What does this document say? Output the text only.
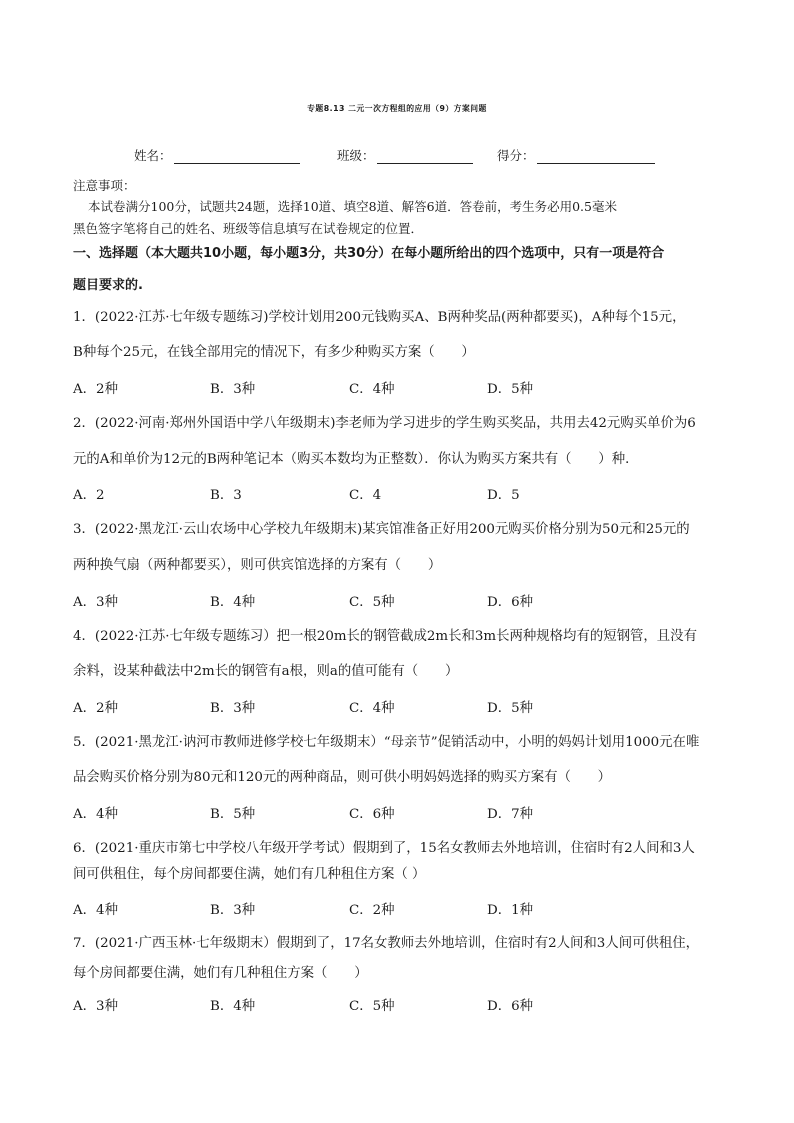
专题8.13 二元一次方程组的应用（9）方案问题
姓名：	班级：	得分：
注意事项：
本试卷满分100分，试题共24题，选择10道、填空8道、解答6道．答卷前，考生务必用0.5毫米
黑色签字笔将自己的姓名、班级等信息填写在试卷规定的位置．
一、选择题（本大题共10小题，每小题3分，共30分）在每小题所给出的四个选项中，只有一项是符合
题目要求的.
1．(2022·江苏·七年级专题练习)学校计划用200元钱购买A、B两种奖品(两种都要买)，A种每个15元，
B种每个25元，在钱全部用完的情况下，有多少种购买方案（　　）
A．2种	B．3种	C．4种	D．5种
2．(2022·河南·郑州外国语中学八年级期末)李老师为学习进步的学生购买奖品，共用去42元购买单价为6
元的A和单价为12元的B两种笔记本（购买本数均为正整数）．你认为购买方案共有（　　）种．
A．2	B．3	C．4	D．5
3．(2022·黑龙江·云山农场中心学校九年级期末)某宾馆准备正好用200元购买价格分别为50元和25元的
两种换气扇（两种都要买），则可供宾馆选择的方案有（　　）
A．3种	B．4种	C．5种	D．6种
4．(2022·江苏·七年级专题练习）把一根20m长的钢管截成2m长和3m长两种规格均有的短钢管，且没有
余料，设某种截法中2m长的钢管有a根，则a的值可能有（　　）
A．2种	B．3种	C．4种	D．5种
5．(2021·黑龙江·讷河市教师进修学校七年级期末）“母亲节”促销活动中，小明的妈妈计划用1000元在唯
品会购买价格分别为80元和120元的两种商品，则可供小明妈妈选择的购买方案有（　　）
A．4种	B．5种	C．6种	D．7种
6．(2021·重庆市第七中学校八年级开学考试）假期到了，15名女教师去外地培训，住宿时有2人间和3人
间可供租住，每个房间都要住满，她们有几种租住方案（ ）
A．4种	B．3种	C．2种	D．1种
7．(2021·广西玉林·七年级期末）假期到了，17名女教师去外地培训，住宿时有2人间和3人间可供租住，
每个房间都要住满，她们有几种租住方案（　　）
A．3种	B．4种	C．5种	D．6种
